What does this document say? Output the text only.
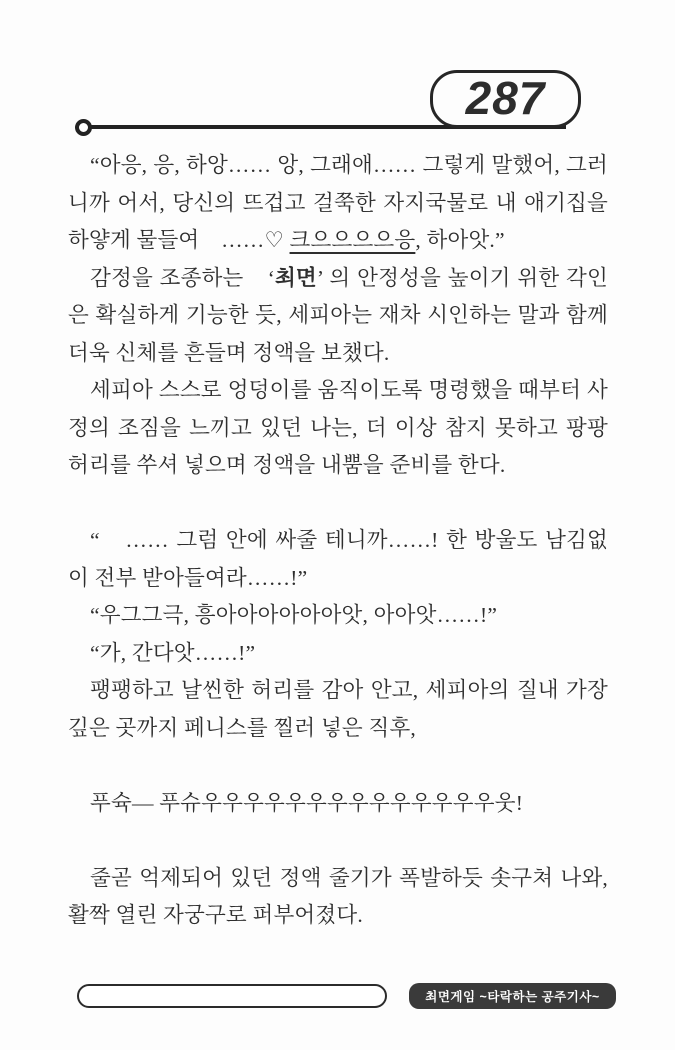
287

“아응, 응, 하앙…… 앙, 그래애…… 그렇게 말했어, 그러니까 어서, 당신의 뜨겁고 걸쭉한 자지국물로 내 애기집을 하얗게 물들여　……♡ 크으으으으응, 하아앗.”

감정을 조종하는　‘최면’ 의 안정성을 높이기 위한 각인은 확실하게 기능한 듯, 세피아는 재차 시인하는 말과 함께 더욱 신체를 흔들며 정액을 보챘다.

세피아 스스로 엉덩이를 움직이도록 명령했을 때부터 사정의 조짐을 느끼고 있던 나는, 더 이상 참지 못하고 팡팡 허리를 쑤셔 넣으며 정액을 내뿜을 준비를 한다.

“　…… 그럼 안에 싸줄 테니까……! 한 방울도 남김없이 전부 받아들여라……!”

“우그그극, 흥아아아아아아앗, 아아앗……!”

“가, 간다앗……!”

팽팽하고 날씬한 허리를 감아 안고, 세피아의 질내 가장 깊은 곳까지 페니스를 찔러 넣은 직후,

푸슉— 푸슈우우우우우우우우우우우우우우웃!

줄곧 억제되어 있던 정액 줄기가 폭발하듯 솟구쳐 나와, 활짝 열린 자궁구로 퍼부어졌다.

최면게임 ~타락하는 공주기사~
